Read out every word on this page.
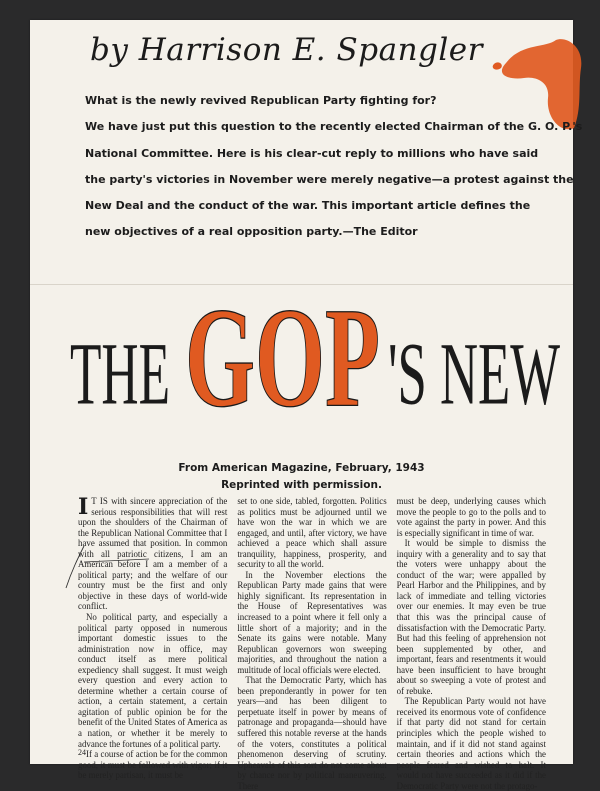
by Harrison E. Spangler

What is the newly revived Republican Party fighting for?

We have just put this question to the recently elected Chairman of the G. O. P.'s

National Committee. Here is his clear-cut reply to millions who have said

the party's victories in November were merely negative—a protest against the

New Deal and the conduct of the war. This important article defines the

new objectives of a real opposition party.—The Editor

THE GOP 'S NEW
From American Magazine, February, 1943
Reprinted with permission.

I T IS with sincere appreciation of the serious responsibilities that will rest upon the shoulders of the Chairman of the Republican National Committee that I have assumed that position. In common with all patriotic citizens, I am an American before I am a member of a political party; and the welfare of our country must be the first and only objective in these days of world-wide conflict.

No political party, and especially a political party opposed in numerous important domestic issues to the administration now in office, may conduct itself as mere political expediency shall suggest. It must weigh every question and every action to determine whether a certain course of action, a certain statement, a certain agitation of public opinion be for the benefit of the United States of America as a nation, or whether it be merely to advance the fortunes of a political party.

If a course of action be for the common good, it must be followed with vigor; if it be merely partisan, it must be

set to one side, tabled, forgotten. Politics as politics must be adjourned until we have won the war in which we are engaged, and until, after victory, we have achieved a peace which shall assure tranquility, happiness, prosperity, and security to all the world.

In the November elections the Republican Party made gains that were highly significant. Its representation in the House of Representatives was increased to a point where it fell only a little short of a majority; and in the Senate its gains were notable. Many Republican governors won sweeping majorities, and throughout the nation a multitude of local officials were elected.

That the Democratic Party, which has been preponderantly in power for ten years—and has been diligent to perpetuate itself in power by means of patronage and propaganda—should have suffered this notable reverse at the hands of the voters, constitutes a political phenomenon deserving of scrutiny. Upheavals of this sort do not come about by chance nor by political maneuvering. There

must be deep, underlying causes which move the people to go to the polls and to vote against the party in power. And this is especially significant in time of war.

It would be simple to dismiss the inquiry with a generality and to say that the voters were unhappy about the conduct of the war; were appalled by Pearl Harbor and the Philippines, and by lack of immediate and telling victories over our enemies. It may even be true that this was the principal cause of dissatisfaction with the Democratic Party. But had this feeling of apprehension not been supplemented by other, and important, fears and resentments it would have been insufficient to have brought about so sweeping a vote of protest and of rebuke.

The Republican Party would not have received its enormous vote of confidence if that party did not stand for certain principles which the people wished to maintain, and if it did not stand against certain theories and actions which the people feared and wished to halt. It would not have succeeded as it did if the Democratic Party were not the protago-

24
